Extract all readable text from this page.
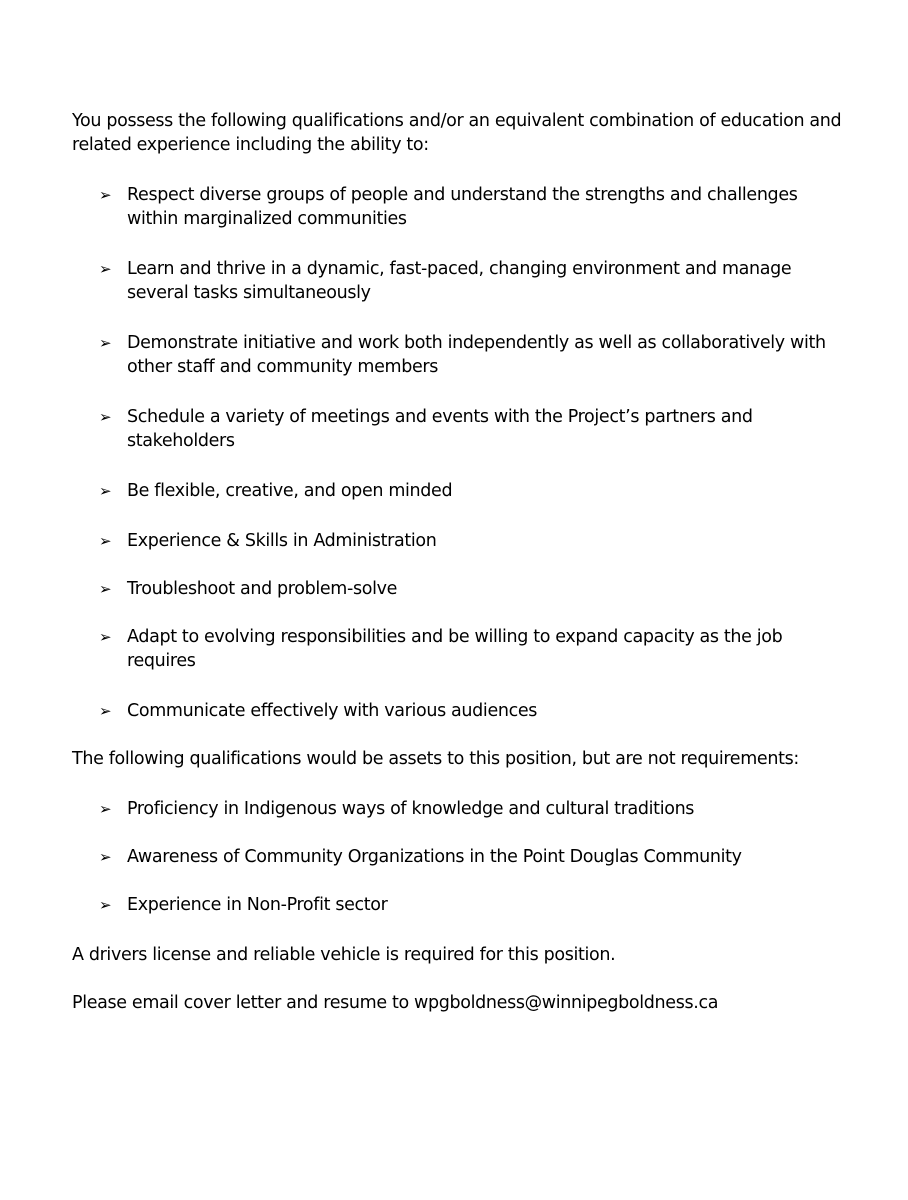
You possess the following qualifications and/or an equivalent combination of education and related experience including the ability to:

➢ Respect diverse groups of people and understand the strengths and challenges within marginalized communities
➢ Learn and thrive in a dynamic, fast-paced, changing environment and manage several tasks simultaneously
➢ Demonstrate initiative and work both independently as well as collaboratively with other staff and community members
➢ Schedule a variety of meetings and events with the Project’s partners and stakeholders
➢ Be flexible, creative, and open minded
➢ Experience & Skills in Administration
➢ Troubleshoot and problem-solve
➢ Adapt to evolving responsibilities and be willing to expand capacity as the job requires
➢ Communicate effectively with various audiences

The following qualifications would be assets to this position, but are not requirements:

➢ Proficiency in Indigenous ways of knowledge and cultural traditions
➢ Awareness of Community Organizations in the Point Douglas Community
➢ Experience in Non-Profit sector

A drivers license and reliable vehicle is required for this position.

Please email cover letter and resume to wpgboldness@winnipegboldness.ca
